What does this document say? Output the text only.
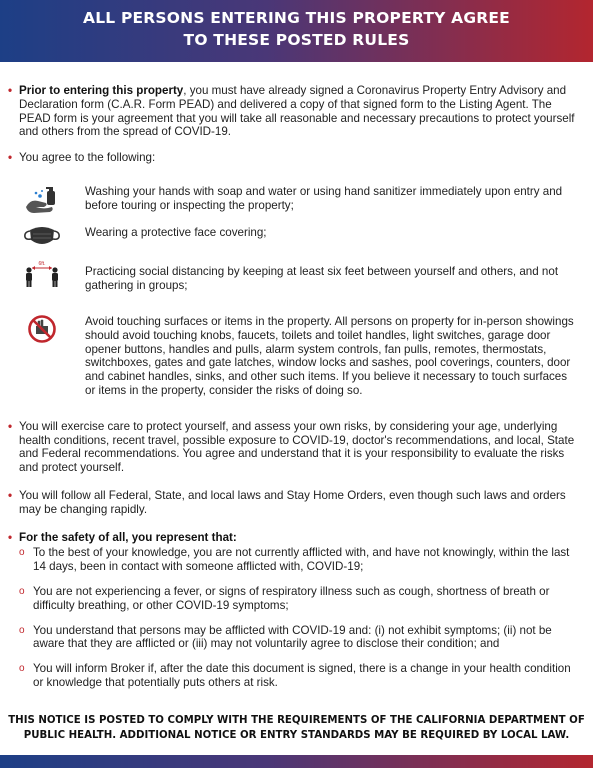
ALL PERSONS ENTERING THIS PROPERTY AGREE
TO THESE POSTED RULES
• Prior to entering this property, you must have already signed a Coronavirus Property Entry Advisory and Declaration form (C.A.R. Form PEAD) and delivered a copy of that signed form to the Listing Agent. The PEAD form is your agreement that you will take all reasonable and necessary precautions to protect yourself and others from the spread of COVID-19.
• You agree to the following:
Washing your hands with soap and water or using hand sanitizer immediately upon entry and before touring or inspecting the property;
Wearing a protective face covering;
6ft.
Practicing social distancing by keeping at least six feet between yourself and others, and not gathering in groups;
Avoid touching surfaces or items in the property. All persons on property for in-person showings should avoid touching knobs, faucets, toilets and toilet handles, light switches, garage door opener buttons, handles and pulls, alarm system controls, fan pulls, remotes, thermostats, switchboxes, gates and gate latches, window locks and sashes, pool coverings, counters, door and cabinet handles, sinks, and other such items. If you believe it necessary to touch surfaces or items in the property, consider the risks of doing so.
• You will exercise care to protect yourself, and assess your own risks, by considering your age, underlying health conditions, recent travel, possible exposure to COVID-19, doctor's recommendations, and local, State and Federal recommendations. You agree and understand that it is your responsibility to evaluate the risks and protect yourself.
• You will follow all Federal, State, and local laws and Stay Home Orders, even though such laws and orders may be changing rapidly.
• For the safety of all, you represent that:
o To the best of your knowledge, you are not currently afflicted with, and have not knowingly, within the last 14 days, been in contact with someone afflicted with, COVID-19;
o You are not experiencing a fever, or signs of respiratory illness such as cough, shortness of breath or difficulty breathing, or other COVID-19 symptoms;
o You understand that persons may be afflicted with COVID-19 and: (i) not exhibit symptoms; (ii) not be aware that they are afflicted or (iii) may not voluntarily agree to disclose their condition; and
o You will inform Broker if, after the date this document is signed, there is a change in your health condition or knowledge that potentially puts others at risk.
THIS NOTICE IS POSTED TO COMPLY WITH THE REQUIREMENTS OF THE CALIFORNIA DEPARTMENT OF
PUBLIC HEALTH. ADDITIONAL NOTICE OR ENTRY STANDARDS MAY BE REQUIRED BY LOCAL LAW.
